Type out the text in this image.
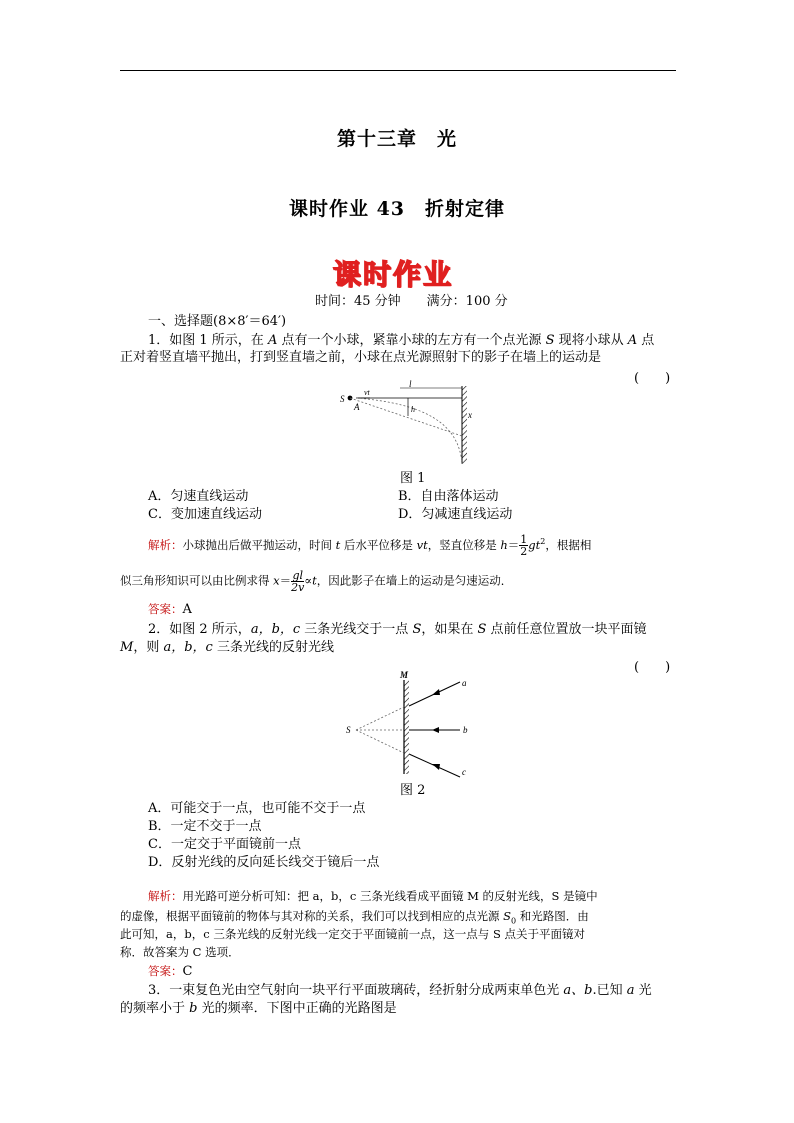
第十三章　光
课时作业 43　折射定律
课时作业
时间：45 分钟　　满分：100 分
一、选择题(8×8′＝64′)
1．如图 1 所示，在 A 点有一个小球，紧靠小球的左方有一个点光源 S 现将小球从 A 点
正对着竖直墙平抛出，打到竖直墙之前，小球在点光源照射下的影子在墙上的运动是
(　　)
S
A
vt
l
h
x
图 1
A．匀速直线运动	B．自由落体运动
C．变加速直线运动	D．匀减速直线运动
解析：小球抛出后做平抛运动，时间 t 后水平位移是 vt，竖直位移是 $h= \frac{1}{2} gt^2$，根据相
似三角形知识可以由比例求得 $x= \frac{gl}{2v} \propto t$，因此影子在墙上的运动是匀速运动．
答案：A
2．如图 2 所示，a，b，c 三条光线交于一点 S，如果在 S 点前任意位置放一块平面镜
M，则 a，b，c 三条光线的反射光线
(　　)
M
S
a
b
c
图 2
A．可能交于一点，也可能不交于一点
B．一定不交于一点
C．一定交于平面镜前一点
D．反射光线的反向延长线交于镜后一点
解析：用光路可逆分析可知：把 a，b，c 三条光线看成平面镜 M 的反射光线，S 是镜中
的虚像，根据平面镜前的物体与其对称的关系，我们可以找到相应的点光源 $S_0$ 和光路图．由
此可知，a，b，c 三条光线的反射光线一定交于平面镜前一点，这一点与 S 点关于平面镜对
称．故答案为 C 选项．
答案：C
3．一束复色光由空气射向一块平行平面玻璃砖，经折射分成两束单色光 a、b.已知 a 光
的频率小于 b 光的频率．下图中正确的光路图是
